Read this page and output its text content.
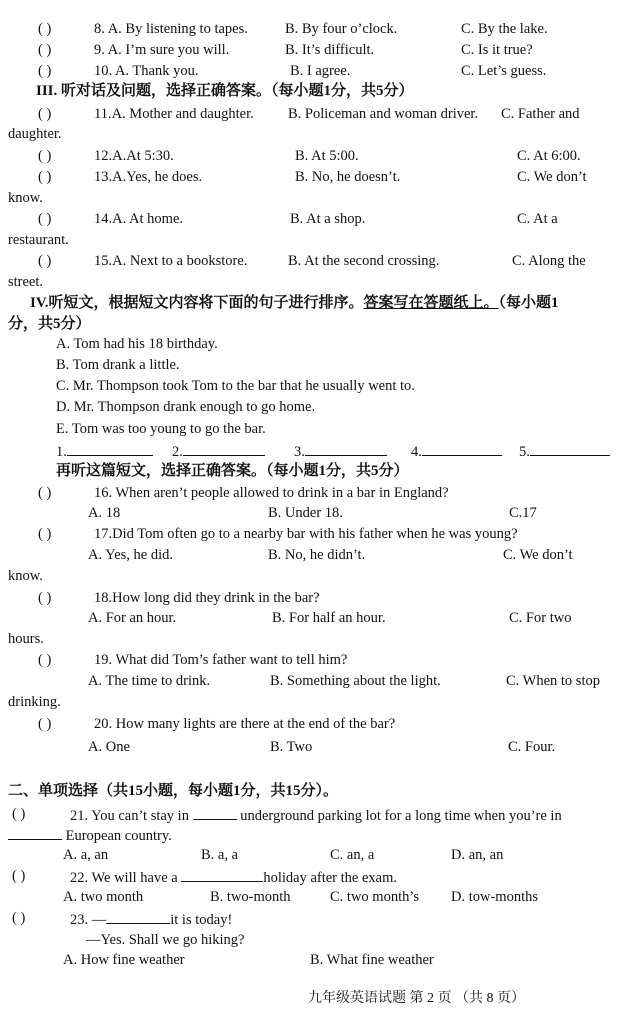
( )	8. A. By listening to tapes.	B. By four o’clock.	C. By the lake.
( )	9. A. I’m sure you will.	B. It’s difficult.	C. Is it true?
( )	10. A. Thank you.	B. I agree.	C. Let’s guess.
III. 听对话及问题，选择正确答案。（每小题1分，共5分）
( )	11.A. Mother and daughter. B. Policeman and woman driver. C. Father and
daughter.
( )	12.A.At 5:30.	B. At 5:00.	C. At 6:00.
( )	13.A.Yes, he does.	B. No, he doesn’t.	C. We don’t
know.
( )	14.A. At home.	B. At a shop.	C. At a
restaurant.
( )	15.A. Next to a bookstore.	B. At the second crossing.	C. Along the
street.
IV.听短文，根据短文内容将下面的句子进行排序。答案写在答题纸上。（每小题1
分，共5分）
A. Tom had his 18 birthday.
B. Tom drank a little.
C. Mr. Thompson took Tom to the bar that he usually went to.
D. Mr. Thompson drank enough to go home.
E. Tom was too young to go the bar.
1.	2.	3.	4.	5.
再听这篇短文，选择正确答案。（每小题1分，共5分）
( )	16. When aren’t people allowed to drink in a bar in England?
A. 18	B. Under 18.	C.17
( )	17.Did Tom often go to a nearby bar with his father when he was young?
A. Yes, he did.	B. No, he didn’t.	C. We don’t
know.
( )	18.How long did they drink in the bar?
A. For an hour.	B. For half an hour.	C. For two
hours.
( )	19. What did Tom’s father want to tell him?
A. The time to drink.	B. Something about the light.	C. When to stop
drinking.
( )	20. How many lights are there at the end of the bar?
A. One	B. Two	C. Four.
二、单项选择（共15小题，每小题1分，共15分）。
( )	21. You can’t stay in	underground parking lot for a long time when you’re in
European country.
A. a, an	B. a, a	C. an, a	D. an, an
( )	22. We will have a	holiday after the exam.
A. two month	B. two-month	C. two month’s D. tow-months
( )	23. —	it is today!
—Yes. Shall we go hiking?
A. How fine weather	B. What fine weather
九年级英语试题 第 2 页 （共 8 页）
